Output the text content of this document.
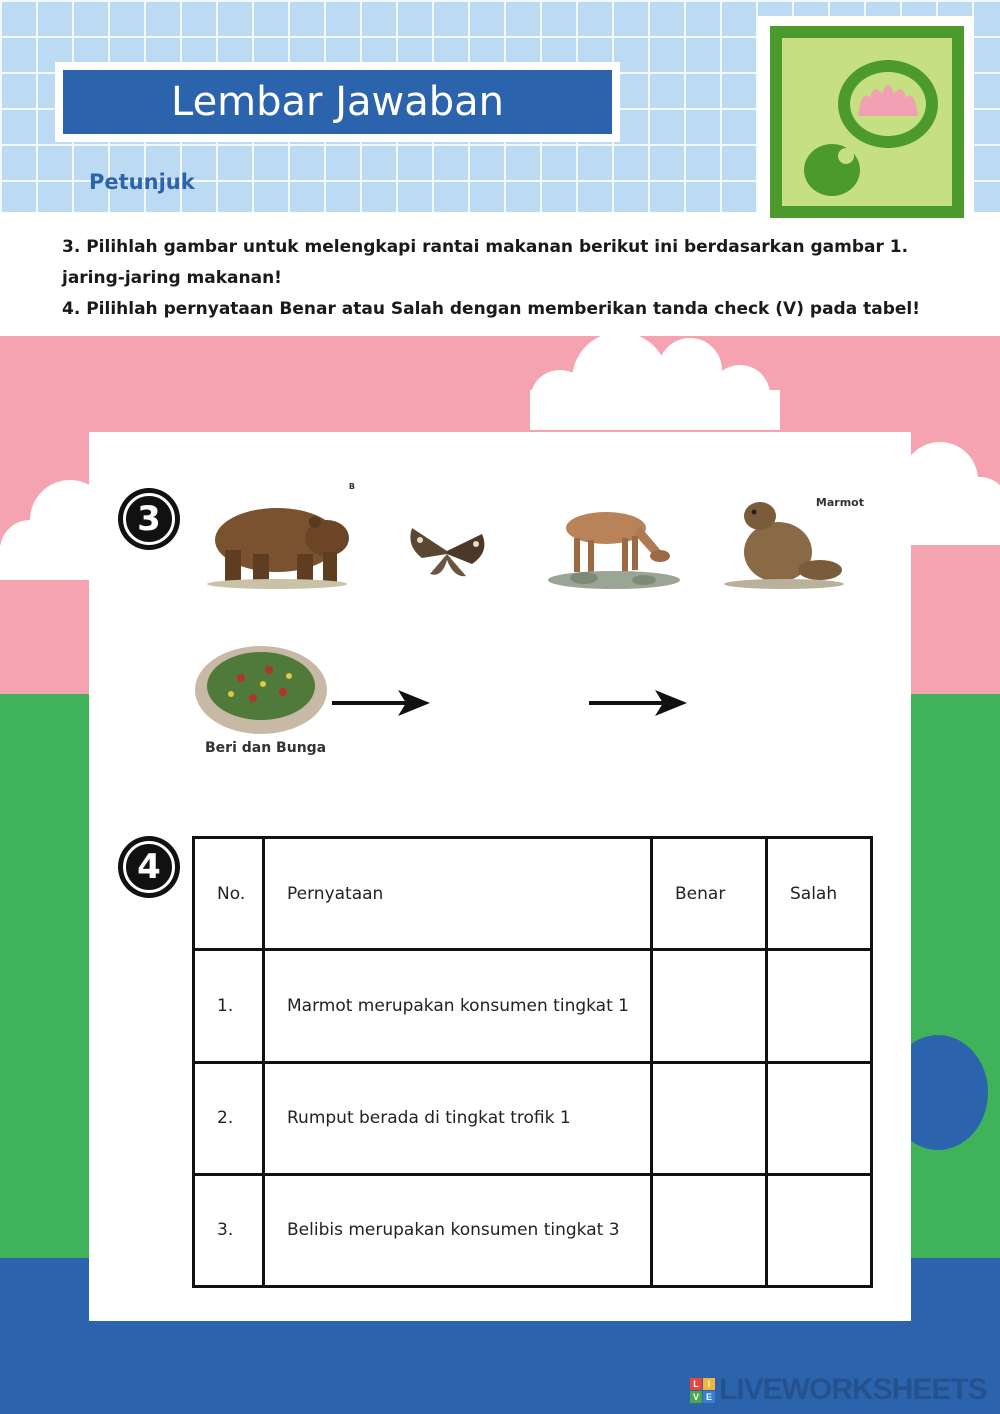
Lembar Jawaban
Petunjuk

3. Pilihlah gambar untuk melengkapi rantai makanan berikut ini berdasarkan gambar 1.

jaring-jaring makanan!

4. Pilihlah pernyataan Benar atau Salah dengan memberikan tanda check (V) pada tabel!

3
B
Marmot
Beri dan Bunga
4
No.	Pernyataan	Benar	Salah
1.	Marmot merupakan konsumen tingkat 1		
2.	Rumput berada di tingkat trofik 1		
3.	Belibis merupakan konsumen tingkat 3		
L I
V E LIVEWORKSHEETS
